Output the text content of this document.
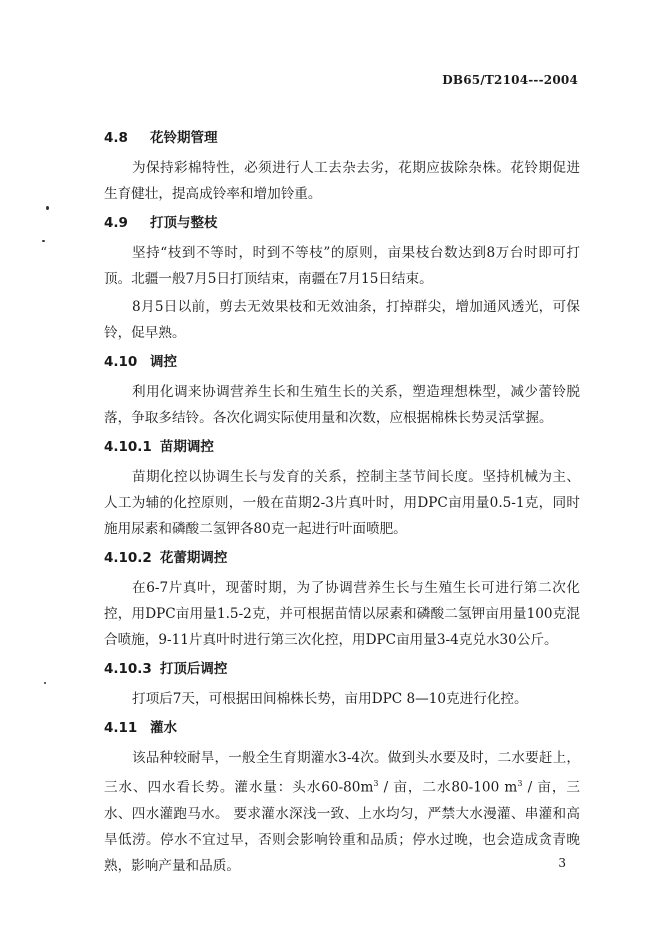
DB65/T2104---2004
4.8 花铃期管理

为保持彩棉特性，必须进行人工去杂去劣，花期应拔除杂株。花铃期促进生育健壮，提高成铃率和增加铃重。

4.9 打顶与整枝

坚持“枝到不等时，时到不等枝”的原则，亩果枝台数达到8万台时即可打顶。北疆一般7月5日打顶结束，南疆在7月15日结束。

8月5日以前，剪去无效果枝和无效油条，打掉群尖，增加通风透光，可保铃，促早熟。

4.10 调控

利用化调来协调营养生长和生殖生长的关系，塑造理想株型，减少蕾铃脱落，争取多结铃。各次化调实际使用量和次数，应根据棉株长势灵活掌握。

4.10.1 苗期调控

苗期化控以协调生长与发育的关系，控制主茎节间长度。坚持机械为主、人工为辅的化控原则，一般在苗期2-3片真叶时，用DPC亩用量0.5-1克，同时施用尿素和磷酸二氢钾各80克一起进行叶面喷肥。

4.10.2 花蕾期调控

在6-7片真叶，现蕾时期，为了协调营养生长与生殖生长可进行第二次化控，用DPC亩用量1.5-2克，并可根据苗情以尿素和磷酸二氢钾亩用量100克混合喷施，9-11片真叶时进行第三次化控，用DPC亩用量3-4克兑水30公斤。

4.10.3 打顶后调控

打项后7天，可根据田间棉株长势，亩用DPC 8—10克进行化控。

4.11 灌水

该品种较耐旱，一般全生育期灌水3-4次。做到头水要及时，二水要赶上，三水、四水看长势。灌水量：头水$60-80m^3$ / 亩，二水80-100 $m^3$ / 亩，三水、四水灌跑马水。 要求灌水深浅一致、上水均匀，严禁大水漫灌、串灌和高旱低涝。停水不宜过早，否则会影响铃重和品质；停水过晚，也会造成贪青晚熟，影响产量和品质。	3
